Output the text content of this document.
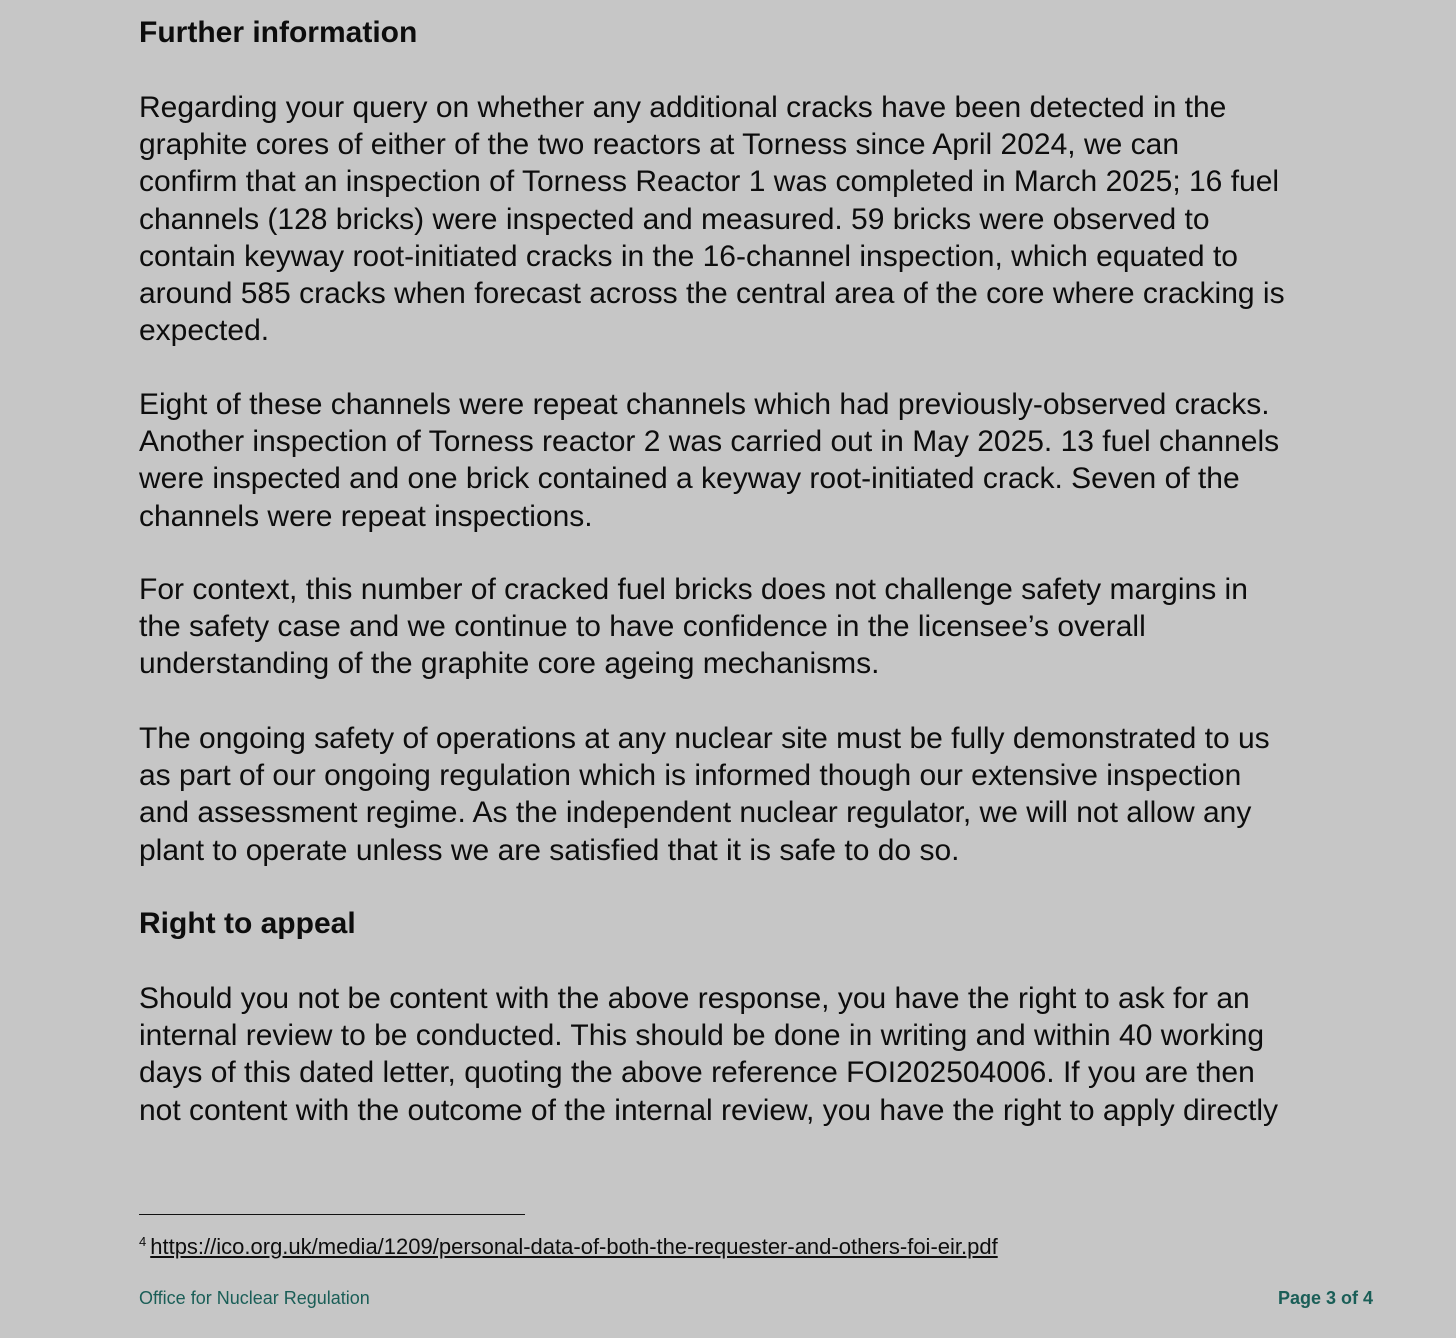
Further information

Regarding your query on whether any additional cracks have been detected in the
graphite cores of either of the two reactors at Torness since April 2024, we can
confirm that an inspection of Torness Reactor 1 was completed in March 2025; 16 fuel
channels (128 bricks) were inspected and measured. 59 bricks were observed to
contain keyway root-initiated cracks in the 16-channel inspection, which equated to
around 585 cracks when forecast across the central area of the core where cracking is
expected.

Eight of these channels were repeat channels which had previously-observed cracks.
Another inspection of Torness reactor 2 was carried out in May 2025. 13 fuel channels
were inspected and one brick contained a keyway root-initiated crack. Seven of the
channels were repeat inspections.

For context, this number of cracked fuel bricks does not challenge safety margins in
the safety case and we continue to have confidence in the licensee’s overall
understanding of the graphite core ageing mechanisms.

The ongoing safety of operations at any nuclear site must be fully demonstrated to us
as part of our ongoing regulation which is informed though our extensive inspection
and assessment regime. As the independent nuclear regulator, we will not allow any
plant to operate unless we are satisfied that it is safe to do so.

Right to appeal

Should you not be content with the above response, you have the right to ask for an
internal review to be conducted. This should be done in writing and within 40 working
days of this dated letter, quoting the above reference FOI202504006. If you are then
not content with the outcome of the internal review, you have the right to apply directly

$^4$ https://ico.org.uk/media/1209/personal-data-of-both-the-requester-and-others-foi-eir.pdf
Office for Nuclear Regulation	Page 3 of 4
